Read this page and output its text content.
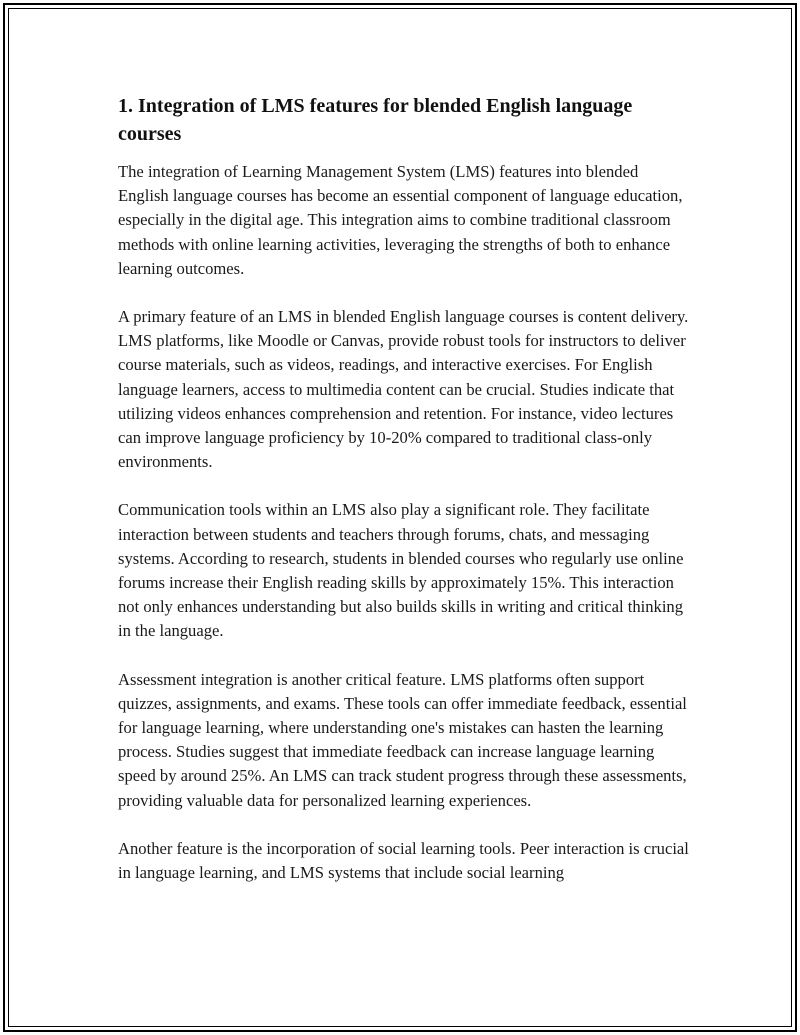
1. Integration of LMS features for blended English language courses

The integration of Learning Management System (LMS) features into blended English language courses has become an essential component of language education, especially in the digital age. This integration aims to combine traditional classroom methods with online learning activities, leveraging the strengths of both to enhance learning outcomes.

A primary feature of an LMS in blended English language courses is content delivery. LMS platforms, like Moodle or Canvas, provide robust tools for instructors to deliver course materials, such as videos, readings, and interactive exercises. For English language learners, access to multimedia content can be crucial. Studies indicate that utilizing videos enhances comprehension and retention. For instance, video lectures can improve language proficiency by 10-20% compared to traditional class-only environments.

Communication tools within an LMS also play a significant role. They facilitate interaction between students and teachers through forums, chats, and messaging systems. According to research, students in blended courses who regularly use online forums increase their English reading skills by approximately 15%. This interaction not only enhances understanding but also builds skills in writing and critical thinking in the language.

Assessment integration is another critical feature. LMS platforms often support quizzes, assignments, and exams. These tools can offer immediate feedback, essential for language learning, where understanding one's mistakes can hasten the learning process. Studies suggest that immediate feedback can increase language learning speed by around 25%. An LMS can track student progress through these assessments, providing valuable data for personalized learning experiences.

Another feature is the incorporation of social learning tools. Peer interaction is crucial in language learning, and LMS systems that include social learning
